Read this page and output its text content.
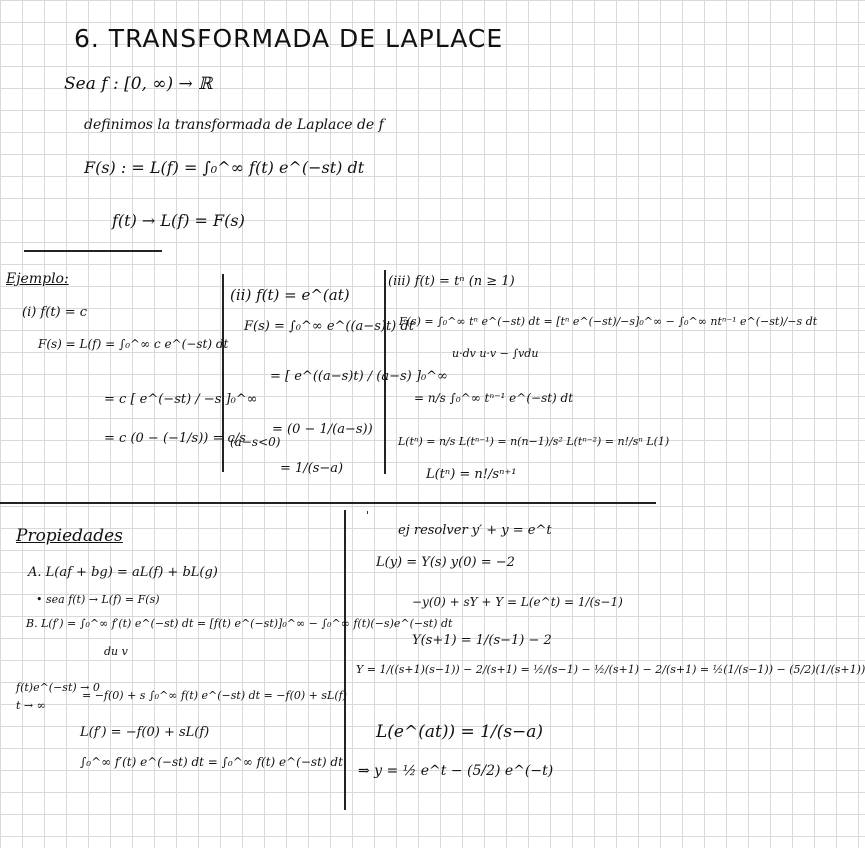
6. TRANSFORMADA DE LAPLACE
Sea f : [0, ∞) → ℝ
definimos la transformada de Laplace de f
F(s) : = L(f) = ∫₀^∞ f(t) e^(−st) dt
f(t) → L(f) = F(s)
Ejemplo:
(i) f(t) = c
F(s) = L(f) = ∫₀^∞ c e^(−st) dt
= c [ e^(−st) / −s ]₀^∞
= c (0 − (−1/s)) = c/s
(ii) f(t) = e^(at)
F(s) = ∫₀^∞ e^((a−s)t) dt
= [ e^((a−s)t) / (a−s) ]₀^∞
(a−s<0)
= (0 − 1/(a−s))
= 1/(s−a)
(iii) f(t) = tⁿ (n ≥ 1)
F(s) = ∫₀^∞ tⁿ e^(−st) dt = [tⁿ e^(−st)/−s]₀^∞ − ∫₀^∞ ntⁿ⁻¹ e^(−st)/−s dt
u·dv u·v − ∫vdu
= n/s ∫₀^∞ tⁿ⁻¹ e^(−st) dt
L(tⁿ) = n/s L(tⁿ⁻¹) = n(n−1)/s² L(tⁿ⁻²) = n!/sⁿ L(1)
L(tⁿ) = n!/sⁿ⁺¹
Propiedades
A. L(af + bg) = aL(f) + bL(g)
• sea f(t) → L(f) = F(s)
B. L(f′) = ∫₀^∞ f′(t) e^(−st) dt = [f(t) e^(−st)]₀^∞ − ∫₀^∞ f(t)(−s)e^(−st) dt
du v
f(t)e^(−st) → 0
t → ∞
= −f(0) + s ∫₀^∞ f(t) e^(−st) dt = −f(0) + sL(f)
L(f′) = −f(0) + sL(f)
∫₀^∞ f′(t) e^(−st) dt = ∫₀^∞ f(t) e^(−st) dt
'
ej resolver y′ + y = e^t
L(y) = Y(s) y(0) = −2
−y(0) + sY + Y = L(e^t) = 1/(s−1)
Y(s+1) = 1/(s−1) − 2
Y = 1/((s+1)(s−1)) − 2/(s+1) = ½/(s−1) − ½/(s+1) − 2/(s+1) = ½(1/(s−1)) − (5/2)(1/(s+1))
L(e^(at)) = 1/(s−a)
⇒ y = ½ e^t − (5/2) e^(−t)
